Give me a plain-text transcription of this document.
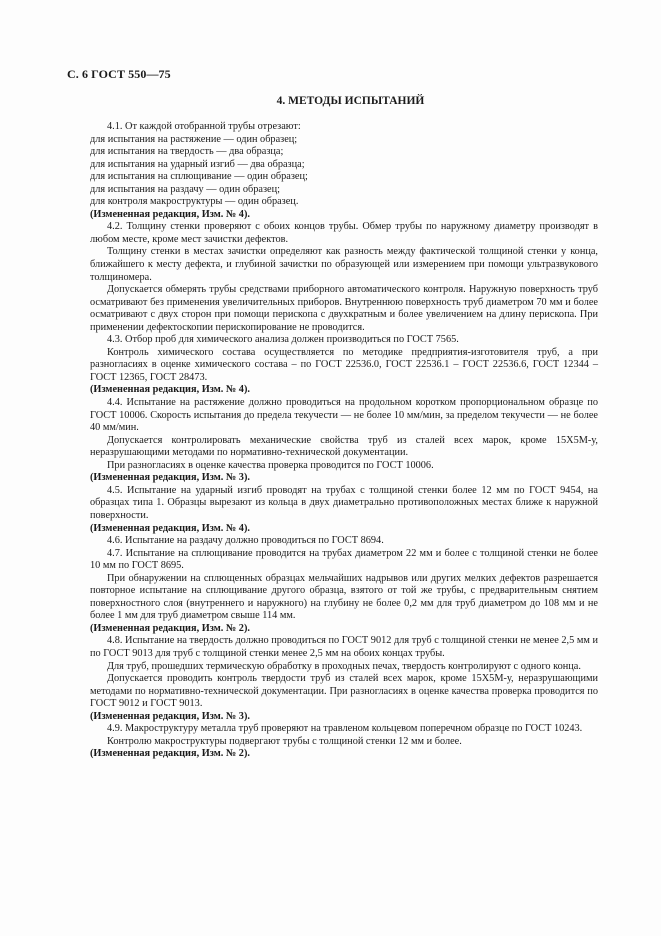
С. 6 ГОСТ 550—75
4. МЕТОДЫ ИСПЫТАНИЙ

4.1. От каждой отобранной трубы отрезают:

для испытания на растяжение — один образец;

для испытания на твердость — два образца;

для испытания на ударный изгиб — два образца;

для испытания на сплющивание — один образец;

для испытания на раздачу — один образец;

для контроля макроструктуры — один образец.

(Измененная редакция, Изм. № 4).

4.2. Толщину стенки проверяют с обоих концов трубы. Обмер трубы по наружному диаметру производят в любом месте, кроме мест зачистки дефектов.

Толщину стенки в местах зачистки определяют как разность между фактической толщиной стенки у конца, ближайшего к месту дефекта, и глубиной зачистки по образующей или измерением при помощи ультразвукового толщиномера.

Допускается обмерять трубы средствами приборного автоматического контроля. Наружную поверхность труб осматривают без применения увеличительных приборов. Внутреннюю поверхность труб диаметром 70 мм и более осматривают с двух сторон при помощи перископа с двухкратным и более увеличением на длину перископа. При применении дефектоскопии перископирование не проводится.

4.3. Отбор проб для химического анализа должен производиться по ГОСТ 7565.

Контроль химического состава осуществляется по методике предприятия-изготовителя труб, а при разногласиях в оценке химического состава – по ГОСТ 22536.0, ГОСТ 22536.1 – ГОСТ 22536.6, ГОСТ 12344 – ГОСТ 12365, ГОСТ 28473.

(Измененная редакция, Изм. № 4).

4.4. Испытание на растяжение должно проводиться на продольном коротком пропорциональном образце по ГОСТ 10006. Скорость испытания до предела текучести — не более 10 мм/мин, за пределом текучести — не более 40 мм/мин.

Допускается контролировать механические свойства труб из сталей всех марок, кроме 15Х5М-у, неразрушающими методами по нормативно-технической документации.

При разногласиях в оценке качества проверка проводится по ГОСТ 10006.

(Измененная редакция, Изм. № 3).

4.5. Испытание на ударный изгиб проводят на трубах с толщиной стенки более 12 мм по ГОСТ 9454, на образцах типа 1. Образцы вырезают из кольца в двух диаметрально противоположных местах ближе к наружной поверхности.

(Измененная редакция, Изм. № 4).

4.6. Испытание на раздачу должно проводиться по ГОСТ 8694.

4.7. Испытание на сплющивание проводится на трубах диаметром 22 мм и более с толщиной стенки не более 10 мм по ГОСТ 8695.

При обнаружении на сплющенных образцах мельчайших надрывов или других мелких дефектов разрешается повторное испытание на сплющивание другого образца, взятого от той же трубы, с предварительным снятием поверхностного слоя (внутреннего и наружного) на глубину не более 0,2 мм для труб диаметром до 108 мм и не более 1 мм для труб диаметром свыше 114 мм.

(Измененная редакция, Изм. № 2).

4.8. Испытание на твердость должно проводиться по ГОСТ 9012 для труб с толщиной стенки не менее 2,5 мм и по ГОСТ 9013 для труб с толщиной стенки менее 2,5 мм на обоих концах трубы.

Для труб, прошедших термическую обработку в проходных печах, твердость контролируют с одного конца.

Допускается проводить контроль твердости труб из сталей всех марок, кроме 15Х5М-у, неразрушающими методами по нормативно-технической документации. При разногласиях в оценке качества проверка проводится по ГОСТ 9012 и ГОСТ 9013.

(Измененная редакция, Изм. № 3).

4.9. Макроструктуру металла труб проверяют на травленом кольцевом поперечном образце по ГОСТ 10243.

Контролю макроструктуры подвергают трубы с толщиной стенки 12 мм и более.

(Измененная редакция, Изм. № 2).
